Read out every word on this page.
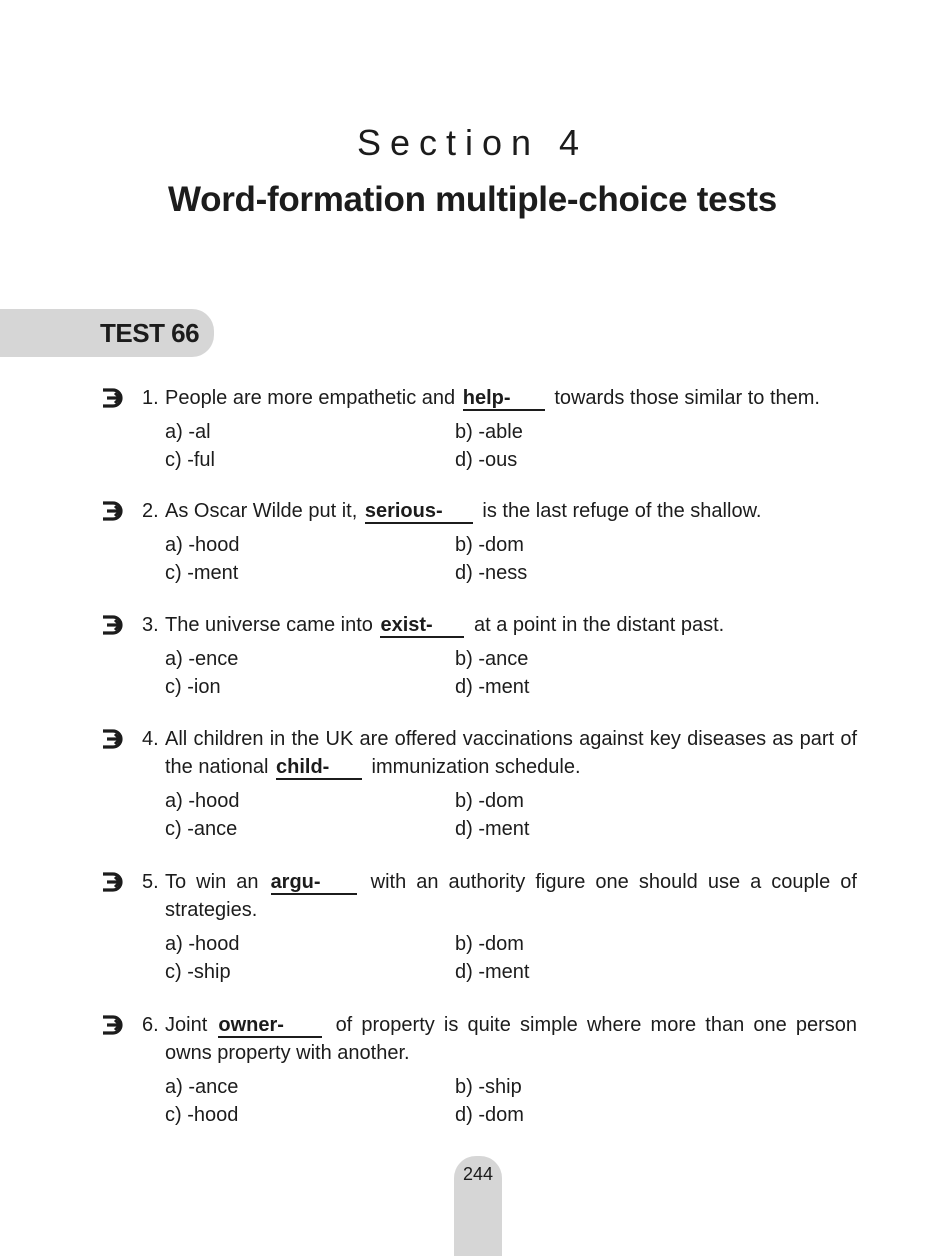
Section 4
Word-formation multiple-choice tests
TEST 66
1. People are more empathetic and help- towards those similar to them.
a) -al	b) -able
c) -ful	d) -ous
2. As Oscar Wilde put it, serious- is the last refuge of the shallow.
a) -hood	b) -dom
c) -ment	d) -ness
3. The universe came into exist- at a point in the distant past.
a) -ence	b) -ance
c) -ion	d) -ment
4. All children in the UK are offered vaccinations against key diseases as part of the national child- immunization schedule.
a) -hood	b) -dom
c) -ance	d) -ment
5. To win an argu-	with an authority figure one should use a couple of strategies.
a) -hood	b) -dom
c) -ship	d) -ment
6. Joint owner-	of property is quite simple where more than one person owns property with another.
a) -ance	b) -ship
c) -hood	d) -dom
244
